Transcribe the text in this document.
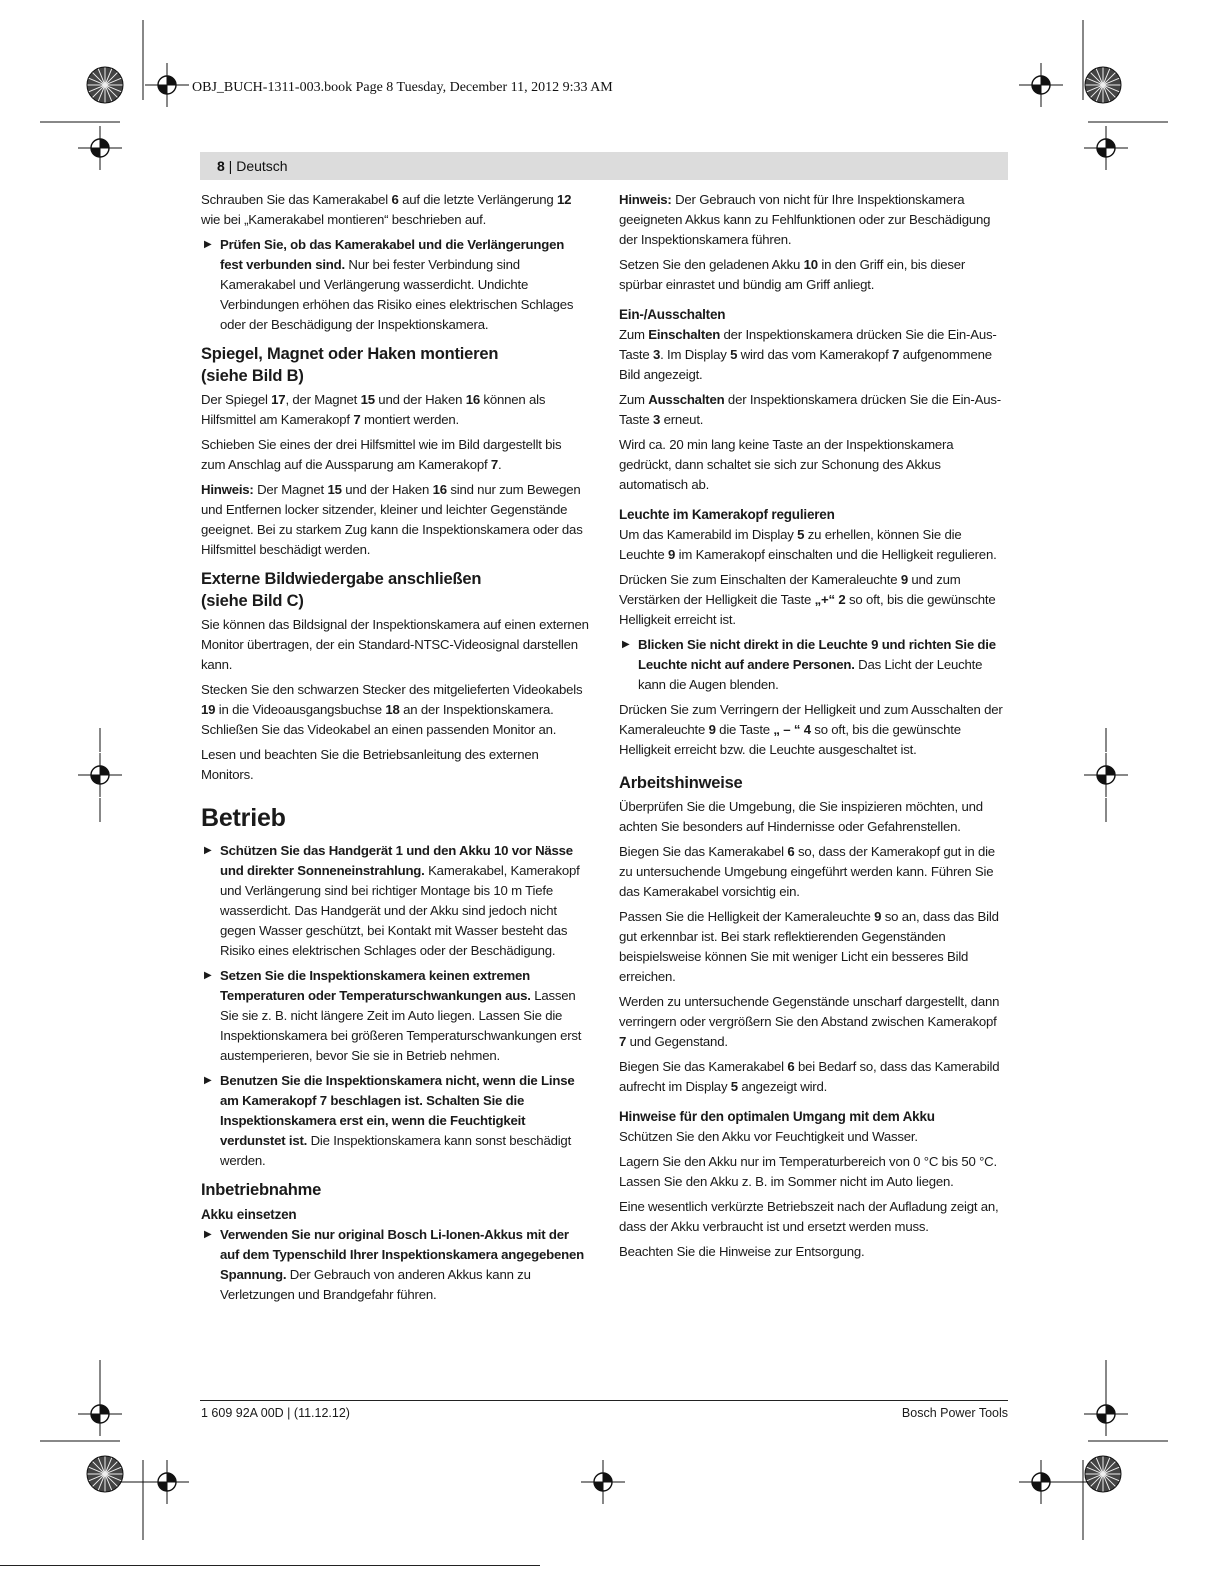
OBJ_BUCH-1311-003.book Page 8 Tuesday, December 11, 2012 9:33 AM
8 | Deutsch

Schrauben Sie das Kamerakabel 6 auf die letzte Verlängerung 12 wie bei „Kamerakabel montieren“ beschrieben auf.

▶ Prüfen Sie, ob das Kamerakabel und die Verlängerungen fest verbunden sind. Nur bei fester Verbindung sind Kamerakabel und Verlängerung wasserdicht. Undichte Verbindungen erhöhen das Risiko eines elektrischen Schlages oder der Beschädigung der Inspektionskamera.
Spiegel, Magnet oder Haken montieren
(siehe Bild B)

Der Spiegel 17, der Magnet 15 und der Haken 16 können als Hilfsmittel am Kamerakopf 7 montiert werden.

Schieben Sie eines der drei Hilfsmittel wie im Bild dargestellt bis zum Anschlag auf die Aussparung am Kamerakopf 7.

Hinweis: Der Magnet 15 und der Haken 16 sind nur zum Bewegen und Entfernen locker sitzender, kleiner und leichter Gegenstände geeignet. Bei zu starkem Zug kann die Inspektionskamera oder das Hilfsmittel beschädigt werden.

Externe Bildwiedergabe anschließen
(siehe Bild C)

Sie können das Bildsignal der Inspektionskamera auf einen externen Monitor übertragen, der ein Standard-NTSC-Videosignal darstellen kann.

Stecken Sie den schwarzen Stecker des mitgelieferten Videokabels 19 in die Videoausgangsbuchse 18 an der Inspektionskamera. Schließen Sie das Videokabel an einen passenden Monitor an.

Lesen und beachten Sie die Betriebsanleitung des externen Monitors.

Betrieb
▶ Schützen Sie das Handgerät 1 und den Akku 10 vor Nässe und direkter Sonneneinstrahlung. Kamerakabel, Kamerakopf und Verlängerung sind bei richtiger Montage bis 10 m Tiefe wasserdicht. Das Handgerät und der Akku sind jedoch nicht gegen Wasser geschützt, bei Kontakt mit Wasser besteht das Risiko eines elektrischen Schlages oder der Beschädigung.
▶ Setzen Sie die Inspektionskamera keinen extremen Temperaturen oder Temperaturschwankungen aus. Lassen Sie sie z. B. nicht längere Zeit im Auto liegen. Lassen Sie die Inspektionskamera bei größeren Temperaturschwankungen erst austemperieren, bevor Sie sie in Betrieb nehmen.
▶ Benutzen Sie die Inspektionskamera nicht, wenn die Linse am Kamerakopf 7 beschlagen ist. Schalten Sie die Inspektionskamera erst ein, wenn die Feuchtigkeit verdunstet ist. Die Inspektionskamera kann sonst beschädigt werden.
Inbetriebnahme
Akku einsetzen
▶ Verwenden Sie nur original Bosch Li-Ionen-Akkus mit der auf dem Typenschild Ihrer Inspektionskamera angegebenen Spannung. Der Gebrauch von anderen Akkus kann zu Verletzungen und Brandgefahr führen.

Hinweis: Der Gebrauch von nicht für Ihre Inspektionskamera geeigneten Akkus kann zu Fehlfunktionen oder zur Beschädigung der Inspektionskamera führen.

Setzen Sie den geladenen Akku 10 in den Griff ein, bis dieser spürbar einrastet und bündig am Griff anliegt.

Ein-/Ausschalten

Zum Einschalten der Inspektionskamera drücken Sie die Ein-Aus-Taste 3. Im Display 5 wird das vom Kamerakopf 7 aufgenommene Bild angezeigt.

Zum Ausschalten der Inspektionskamera drücken Sie die Ein-Aus-Taste 3 erneut.

Wird ca. 20 min lang keine Taste an der Inspektionskamera gedrückt, dann schaltet sie sich zur Schonung des Akkus automatisch ab.

Leuchte im Kamerakopf regulieren

Um das Kamerabild im Display 5 zu erhellen, können Sie die Leuchte 9 im Kamerakopf einschalten und die Helligkeit regulieren.

Drücken Sie zum Einschalten der Kameraleuchte 9 und zum Verstärken der Helligkeit die Taste „+“ 2 so oft, bis die gewünschte Helligkeit erreicht ist.

▶ Blicken Sie nicht direkt in die Leuchte 9 und richten Sie die Leuchte nicht auf andere Personen. Das Licht der Leuchte kann die Augen blenden.

Drücken Sie zum Verringern der Helligkeit und zum Ausschalten der Kameraleuchte 9 die Taste „ – “ 4 so oft, bis die gewünschte Helligkeit erreicht bzw. die Leuchte ausgeschaltet ist.

Arbeitshinweise

Überprüfen Sie die Umgebung, die Sie inspizieren möchten, und achten Sie besonders auf Hindernisse oder Gefahrenstellen.

Biegen Sie das Kamerakabel 6 so, dass der Kamerakopf gut in die zu untersuchende Umgebung eingeführt werden kann. Führen Sie das Kamerakabel vorsichtig ein.

Passen Sie die Helligkeit der Kameraleuchte 9 so an, dass das Bild gut erkennbar ist. Bei stark reflektierenden Gegenständen beispielsweise können Sie mit weniger Licht ein besseres Bild erreichen.

Werden zu untersuchende Gegenstände unscharf dargestellt, dann verringern oder vergrößern Sie den Abstand zwischen Kamerakopf 7 und Gegenstand.

Biegen Sie das Kamerakabel 6 bei Bedarf so, dass das Kamerabild aufrecht im Display 5 angezeigt wird.

Hinweise für den optimalen Umgang mit dem Akku

Schützen Sie den Akku vor Feuchtigkeit und Wasser.

Lagern Sie den Akku nur im Temperaturbereich von 0 °C bis 50 °C. Lassen Sie den Akku z. B. im Sommer nicht im Auto liegen.

Eine wesentlich verkürzte Betriebszeit nach der Aufladung zeigt an, dass der Akku verbraucht ist und ersetzt werden muss.

Beachten Sie die Hinweise zur Entsorgung.

1 609 92A 00D | (11.12.12)	Bosch Power Tools
